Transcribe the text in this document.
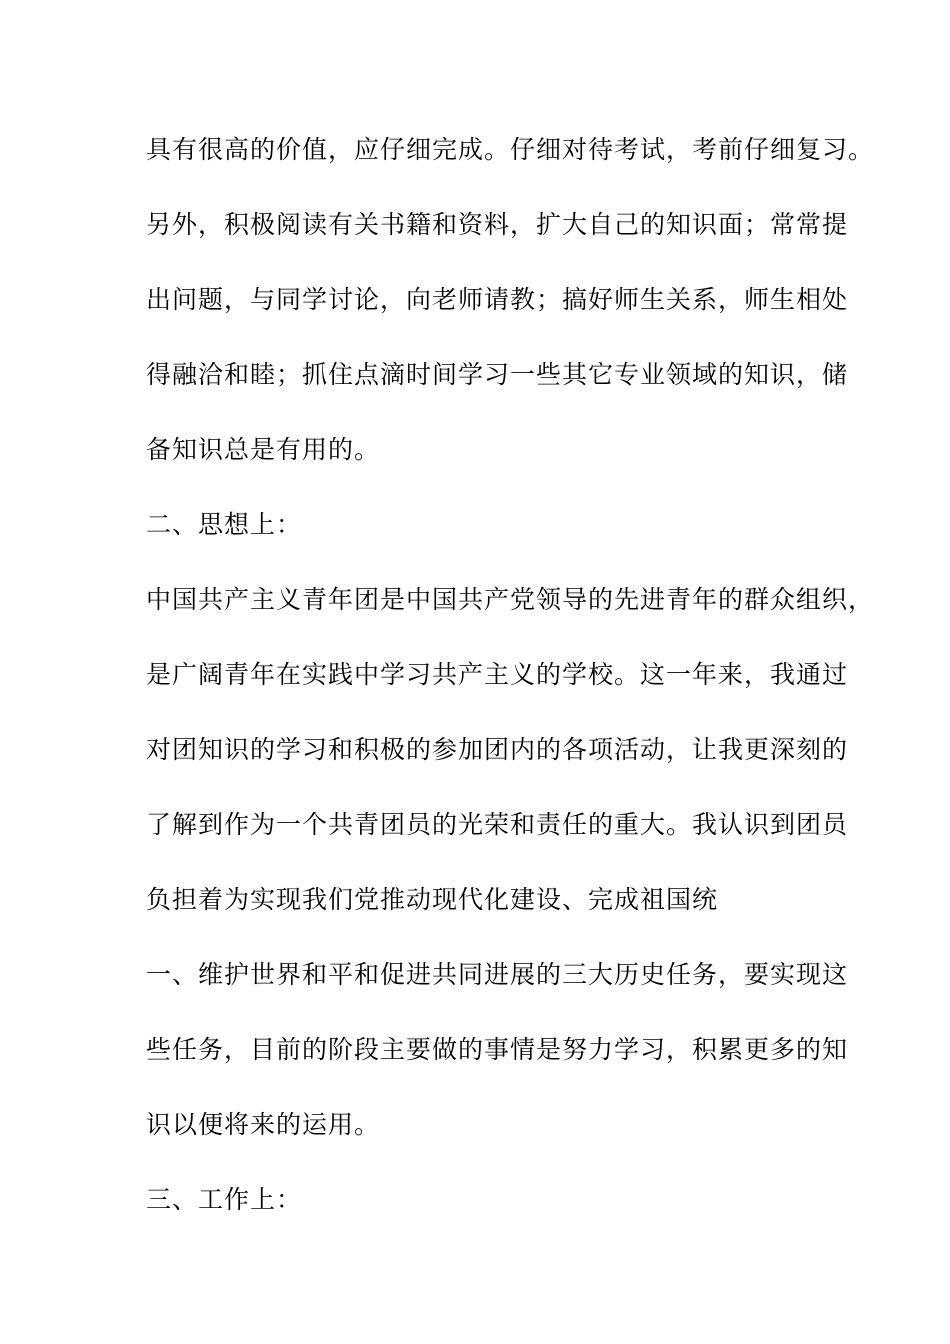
具有很高的价值，应仔细完成。仔细对待考试，考前仔细复习。

另外，积极阅读有关书籍和资料，扩大自己的知识面；常常提

出问题，与同学讨论，向老师请教；搞好师生关系，师生相处

得融洽和睦；抓住点滴时间学习一些其它专业领域的知识，储

备知识总是有用的。

二、思想上：

中国共产主义青年团是中国共产党领导的先进青年的群众组织，

是广阔青年在实践中学习共产主义的学校。这一年来，我通过

对团知识的学习和积极的参加团内的各项活动，让我更深刻的

了解到作为一个共青团员的光荣和责任的重大。我认识到团员

负担着为实现我们党推动现代化建设、完成祖国统

一、维护世界和平和促进共同进展的三大历史任务，要实现这

些任务，目前的阶段主要做的事情是努力学习，积累更多的知

识以便将来的运用。

三、工作上：
